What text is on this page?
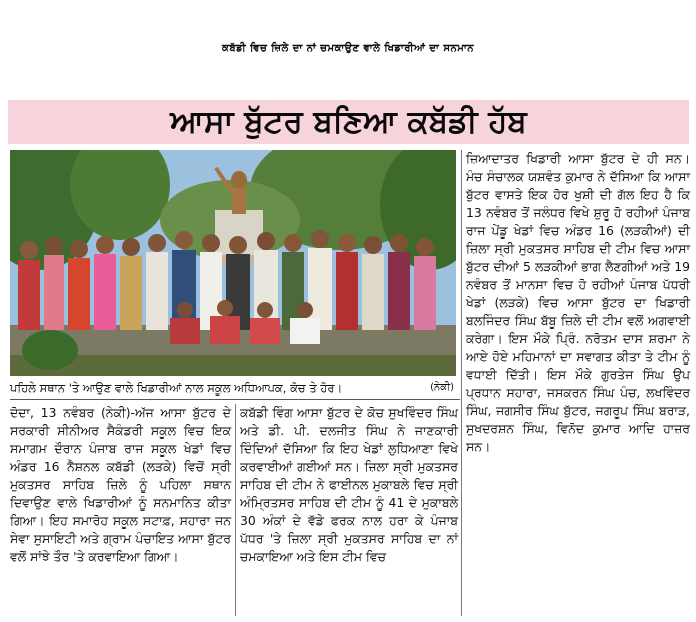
ਕਬੱਡੀ ਵਿਚ ਜ਼ਿਲੇ ਦਾ ਨਾਂ ਚਮਕਾਉਣ ਵਾਲੇ ਖਿਡਾਰੀਆਂ ਦਾ ਸਨਮਾਨ
ਆਸਾ ਬੁੱਟਰ ਬਣਿਆ ਕਬੱਡੀ ਹੱਬ
ਪਹਿਲੇ ਸਥਾਨ 'ਤੇ ਆਉਣ ਵਾਲੇ ਖਿਡਾਰੀਆਂ ਨਾਲ ਸਕੂਲ ਅਧਿਆਪਕ, ਕੋਚ ਤੇ ਹੋਰ।	(ਨੇਕੀ)

ਦੋਦਾ, 13 ਨਵੰਬਰ (ਨੇਕੀ)-ਅੱਜ ਆਸਾ ਬੁੱਟਰ ਦੇ ਸਰਕਾਰੀ ਸੀਨੀਅਰ ਸੈਕੰਡਰੀ ਸਕੂਲ ਵਿਚ ਇਕ ਸਮਾਗਮ ਦੌਰਾਨ ਪੰਜਾਬ ਰਾਜ ਸਕੂਲ ਖੇਡਾਂ ਵਿਚ ਅੰਡਰ 16 ਨੈਸ਼ਨਲ ਕਬੱਡੀ (ਲੜਕੇ) ਵਿਚੋਂ ਸ੍ਰੀ ਮੁਕਤਸਰ ਸਾਹਿਬ ਜ਼ਿਲੇ ਨੂੰ ਪਹਿਲਾ ਸਥਾਨ ਦਿਵਾਉਣ ਵਾਲੇ ਖਿਡਾਰੀਆਂ ਨੂੰ ਸਨਮਾਨਿਤ ਕੀਤਾ ਗਿਆ। ਇਹ ਸਮਾਰੋਹ ਸਕੂਲ ਸਟਾਫ਼, ਸਹਾਰਾ ਜਨ ਸੇਵਾ ਸੁਸਾਇਟੀ ਅਤੇ ਗ੍ਰਾਮ ਪੰਚਾਇਤ ਆਸਾ ਬੁੱਟਰ ਵਲੋਂ ਸਾਂਝੇ ਤੌਰ 'ਤੇ ਕਰਵਾਇਆ ਗਿਆ।

ਕਬੱਡੀ ਵਿੰਗ ਆਸਾ ਬੁੱਟਰ ਦੇ ਕੋਚ ਸੁਖਵਿੰਦਰ ਸਿੰਘ ਅਤੇ ਡੀ. ਪੀ. ਦਲਜੀਤ ਸਿੰਘ ਨੇ ਜਾਣਕਾਰੀ ਦਿੰਦਿਆਂ ਦੱਸਿਆ ਕਿ ਇਹ ਖੇਡਾਂ ਲੁਧਿਆਣਾ ਵਿਖੇ ਕਰਵਾਈਆਂ ਗਈਆਂ ਸਨ। ਜ਼ਿਲਾ ਸ੍ਰੀ ਮੁਕਤਸਰ ਸਾਹਿਬ ਦੀ ਟੀਮ ਨੇ ਫਾਈਨਲ ਮੁਕਾਬਲੇ ਵਿਚ ਸ੍ਰੀ ਅੰਮ੍ਰਿਤਸਰ ਸਾਹਿਬ ਦੀ ਟੀਮ ਨੂੰ 41 ਦੇ ਮੁਕਾਬਲੇ 30 ਅੰਕਾਂ ਦੇ ਵੱਡੇ ਫਰਕ ਨਾਲ ਹਰਾ ਕੇ ਪੰਜਾਬ ਪੱਧਰ 'ਤੇ ਜ਼ਿਲਾ ਸ੍ਰੀ ਮੁਕਤਸਰ ਸਾਹਿਬ ਦਾ ਨਾਂ ਚਮਕਾਇਆ ਅਤੇ ਇਸ ਟੀਮ ਵਿਚ

ਜ਼ਿਆਦਾਤਰ ਖਿਡਾਰੀ ਆਸਾ ਬੁੱਟਰ ਦੇ ਹੀ ਸਨ। ਮੰਚ ਸੰਚਾਲਕ ਯਸ਼ਵੰਤ ਕੁਮਾਰ ਨੇ ਦੱਸਿਆ ਕਿ ਆਸਾ ਬੁੱਟਰ ਵਾਸਤੇ ਇਕ ਹੋਰ ਖੁਸ਼ੀ ਦੀ ਗੱਲ ਇਹ ਹੈ ਕਿ 13 ਨਵੰਬਰ ਤੋਂ ਜਲੰਧਰ ਵਿਖੇ ਸ਼ੁਰੂ ਹੋ ਰਹੀਆਂ ਪੰਜਾਬ ਰਾਜ ਪੇਂਡੂ ਖੇਡਾਂ ਵਿਚ ਅੰਡਰ 16 (ਲੜਕੀਆਂ) ਦੀ ਜ਼ਿਲਾ ਸ੍ਰੀ ਮੁਕਤਸਰ ਸਾਹਿਬ ਦੀ ਟੀਮ ਵਿਚ ਆਸਾ ਬੁੱਟਰ ਦੀਆਂ 5 ਲੜਕੀਆਂ ਭਾਗ ਲੈਣਗੀਆਂ ਅਤੇ 19 ਨਵੰਬਰ ਤੋਂ ਮਾਨਸਾ ਵਿਚ ਹੋ ਰਹੀਆਂ ਪੰਜਾਬ ਪੱਧਰੀ ਖੇਡਾਂ (ਲੜਕੇ) ਵਿਚ ਆਸਾ ਬੁੱਟਰ ਦਾ ਖਿਡਾਰੀ ਬਲਜਿੰਦਰ ਸਿੰਘ ਬੱਬੂ ਜ਼ਿਲੇ ਦੀ ਟੀਮ ਵਲੋਂ ਅਗਵਾਈ ਕਰੇਗਾ। ਇਸ ਮੌਕੇ ਪ੍ਰਿੰ. ਨਰੋਤਮ ਦਾਸ ਸ਼ਰਮਾ ਨੇ ਆਏ ਹੋਏ ਮਹਿਮਾਨਾਂ ਦਾ ਸਵਾਗਤ ਕੀਤਾ ਤੇ ਟੀਮ ਨੂੰ ਵਧਾਈ ਦਿੱਤੀ। ਇਸ ਮੌਕੇ ਗੁਰਤੇਜ ਸਿੰਘ ਉਪ ਪ੍ਰਧਾਨ ਸਹਾਰਾ, ਜਸਕਰਨ ਸਿੰਘ ਪੰਚ, ਲਖਵਿੰਦਰ ਸਿੰਘ, ਜਗਸੀਰ ਸਿੰਘ ਬੁੱਟਰ, ਜਗਰੂਪ ਸਿੰਘ ਬਰਾੜ, ਸੁਖਦਰਸ਼ਨ ਸਿੰਘ, ਵਿਨੋਦ ਕੁਮਾਰ ਆਦਿ ਹਾਜ਼ਰ ਸਨ।
